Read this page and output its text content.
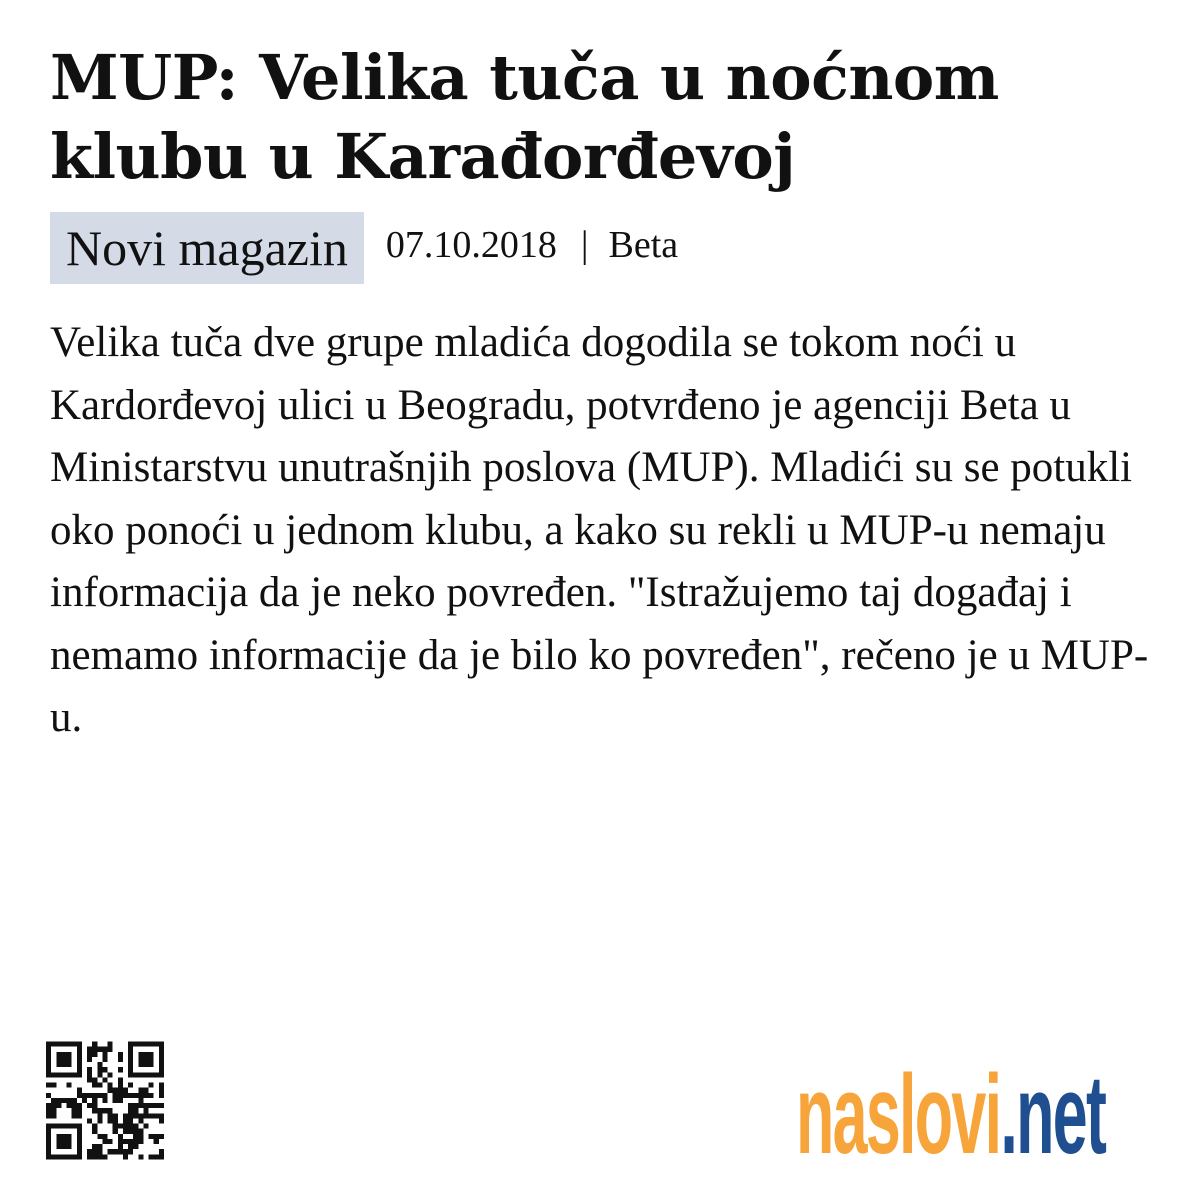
MUP: Velika tuča u noćnom klubu u Karađorđevoj
Novi magazin	07.10.2018 | Beta

Velika tuča dve grupe mladića dogodila se tokom noći u Kardorđevoj ulici u Beogradu, potvrđeno je agenciji Beta u Ministarstvu unutrašnjih poslova (MUP). Mladići su se potukli oko ponoći u jednom klubu, a kako su rekli u MUP-u nemaju informacija da je neko povređen. "Istražujemo taj događaj i nemamo informacije da je bilo ko povređen", rečeno je u MUP-u.

naslovi.net
